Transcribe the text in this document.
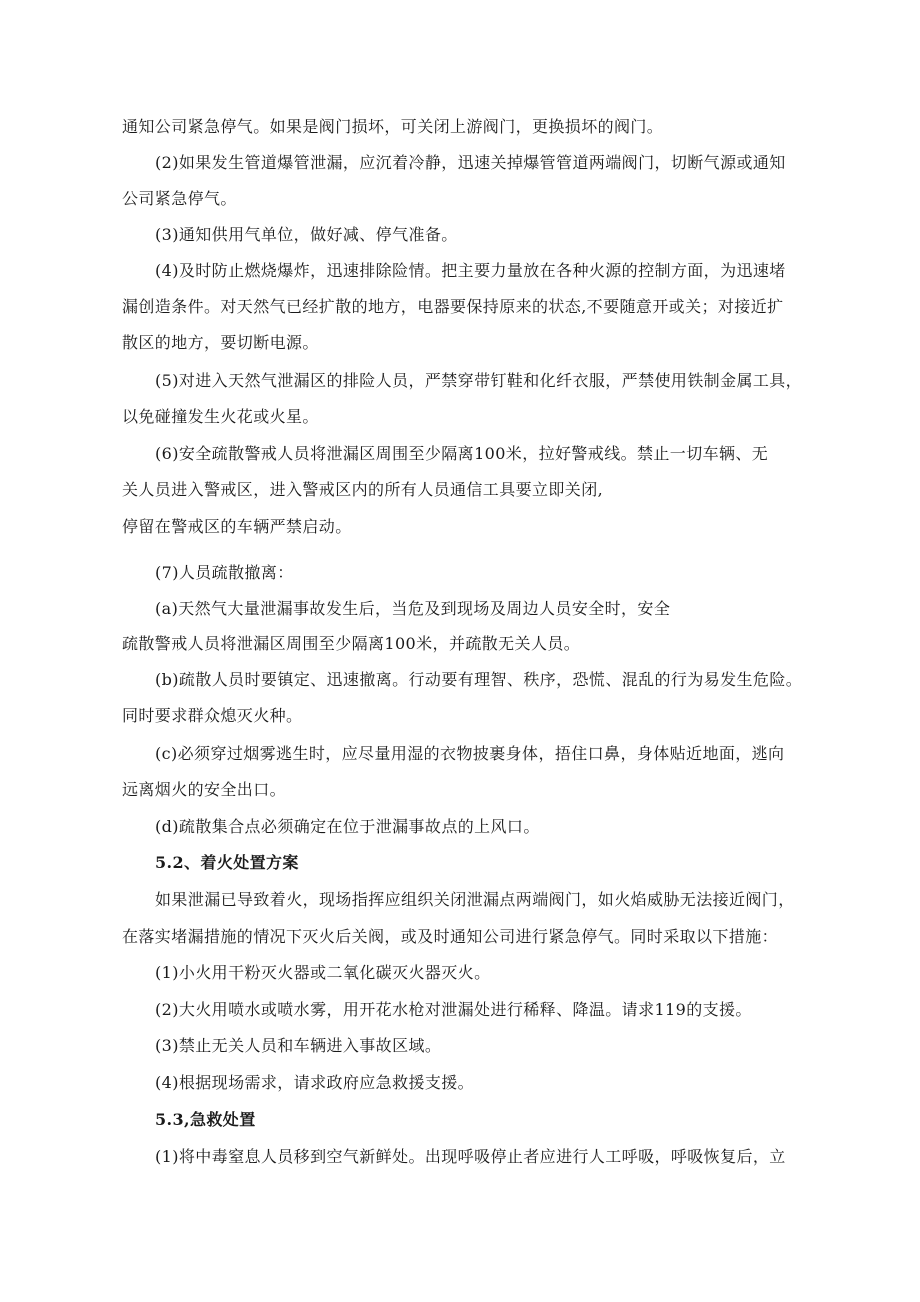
通知公司紧急停气。如果是阀门损坏，可关闭上游阀门，更换损坏的阀门。
(2)如果发生管道爆管泄漏，应沉着冷静，迅速关掉爆管管道两端阀门，切断气源或通知
公司紧急停气。
(3)通知供用气单位，做好减、停气准备。
(4)及时防止燃烧爆炸，迅速排除险情。把主要力量放在各种火源的控制方面，为迅速堵
漏创造条件。对天然气已经扩散的地方，电器要保持原来的状态,不要随意开或关；对接近扩
散区的地方，要切断电源。
(5)对进入天然气泄漏区的排险人员，严禁穿带钉鞋和化纤衣服，严禁使用铁制金属工具，
以免碰撞发生火花或火星。
(6)安全疏散警戒人员将泄漏区周围至少隔离100米，拉好警戒线。禁止一切车辆、无
关人员进入警戒区，进入警戒区内的所有人员通信工具要立即关闭,
停留在警戒区的车辆严禁启动。
(7)人员疏散撤离：
(a)天然气大量泄漏事故发生后，当危及到现场及周边人员安全时，安全
疏散警戒人员将泄漏区周围至少隔离100米，并疏散无关人员。
(b)疏散人员时要镇定、迅速撤离。行动要有理智、秩序，恐慌、混乱的行为易发生危险。
同时要求群众熄灭火种。
(c)必须穿过烟雾逃生时，应尽量用湿的衣物披裹身体，捂住口鼻，身体贴近地面，逃向
远离烟火的安全出口。
(d)疏散集合点必须确定在位于泄漏事故点的上风口。
5.2、着火处置方案
如果泄漏已导致着火，现场指挥应组织关闭泄漏点两端阀门，如火焰威胁无法接近阀门，
在落实堵漏措施的情况下灭火后关阀，或及时通知公司进行紧急停气。同时采取以下措施：
(1)小火用干粉灭火器或二氧化碳灭火器灭火。
(2)大火用喷水或喷水雾，用开花水枪对泄漏处进行稀释、降温。请求119的支援。
(3)禁止无关人员和车辆进入事故区域。
(4)根据现场需求，请求政府应急救援支援。
5.3,急救处置
(1)将中毒窒息人员移到空气新鲜处。出现呼吸停止者应进行人工呼吸，呼吸恢复后，立
